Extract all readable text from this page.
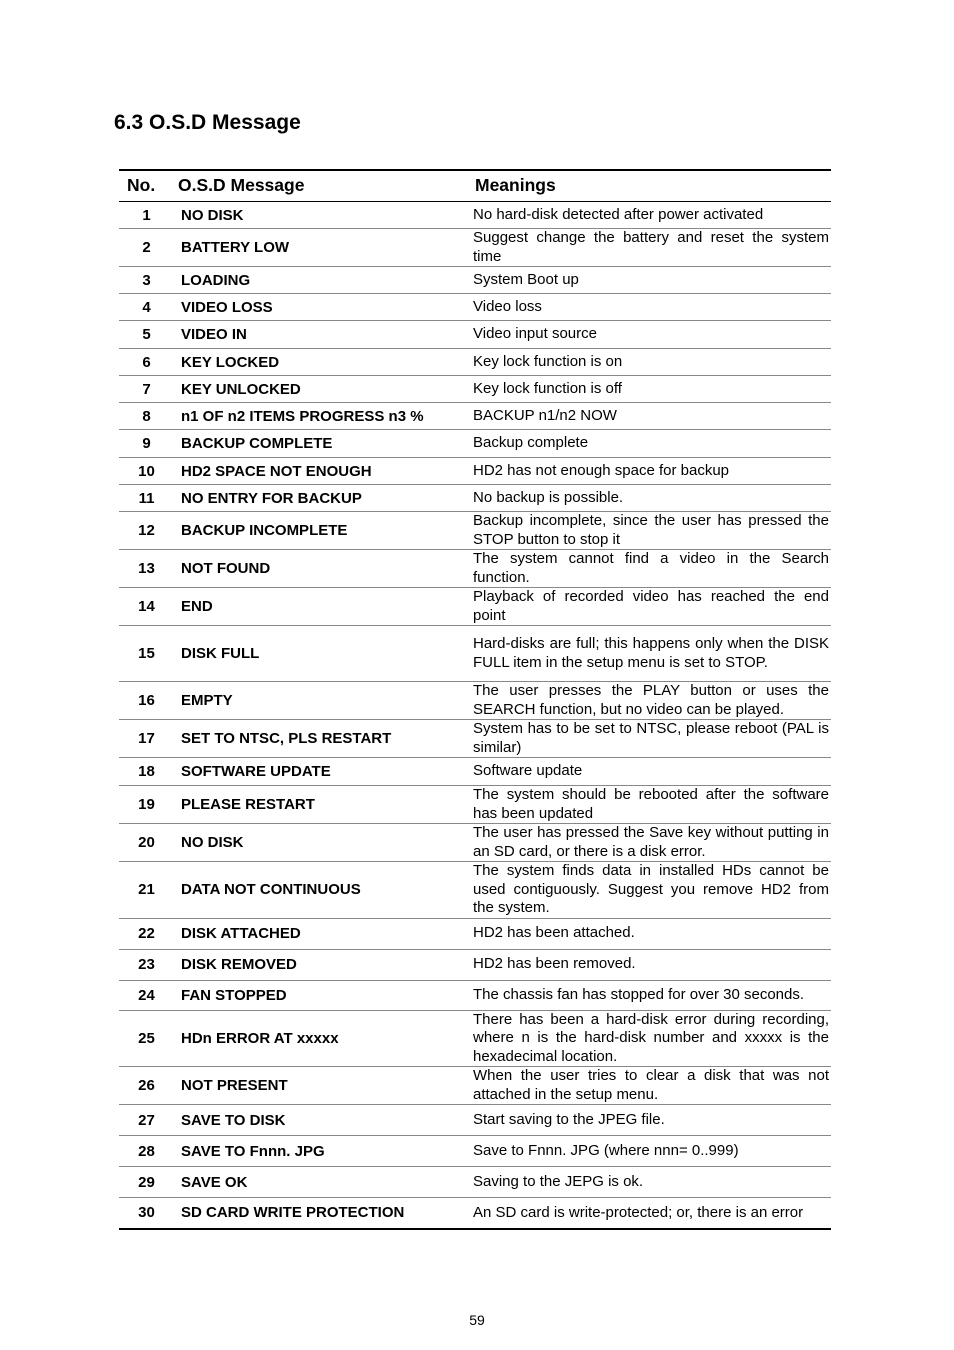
6.3 O.S.D Message
No.	O.S.D Message	Meanings
1	NO DISK	No hard-disk detected after power activated
2	BATTERY LOW	Suggest change the battery and reset the system time
3	LOADING	System Boot up
4	VIDEO LOSS	Video loss
5	VIDEO IN	Video input source
6	KEY LOCKED	Key lock function is on
7	KEY UNLOCKED	Key lock function is off
8	n1 OF n2 ITEMS PROGRESS n3 %	BACKUP n1/n2 NOW
9	BACKUP COMPLETE	Backup complete
10	HD2 SPACE NOT ENOUGH	HD2 has not enough space for backup
11	NO ENTRY FOR BACKUP	No backup is possible.
12	BACKUP INCOMPLETE	Backup incomplete, since the user has pressed the STOP button to stop it
13	NOT FOUND	The system cannot find a video in the Search function.
14	END	Playback of recorded video has reached the end point
15	DISK FULL	Hard-disks are full; this happens only when the DISK FULL item in the setup menu is set to STOP.
16	EMPTY	The user presses the PLAY button or uses the SEARCH function, but no video can be played.
17	SET TO NTSC, PLS RESTART	System has to be set to NTSC, please reboot (PAL is similar)
18	SOFTWARE UPDATE	Software update
19	PLEASE RESTART	The system should be rebooted after the software has been updated
20	NO DISK	The user has pressed the Save key without putting in an SD card, or there is a disk error.
21	DATA NOT CONTINUOUS	The system finds data in installed HDs cannot be used contiguously. Suggest you remove HD2 from the system.
22	DISK ATTACHED	HD2 has been attached.
23	DISK REMOVED	HD2 has been removed.
24	FAN STOPPED	The chassis fan has stopped for over 30 seconds.
25	HDn ERROR AT xxxxx	There has been a hard-disk error during recording, where n is the hard-disk number and xxxxx is the hexadecimal location.
26	NOT PRESENT	When the user tries to clear a disk that was not attached in the setup menu.
27	SAVE TO DISK	Start saving to the JPEG file.
28	SAVE TO Fnnn. JPG	Save to Fnnn. JPG (where nnn= 0..999)
29	SAVE OK	Saving to the JEPG is ok.
30	SD CARD WRITE PROTECTION	An SD card is write-protected; or, there is an error
59
